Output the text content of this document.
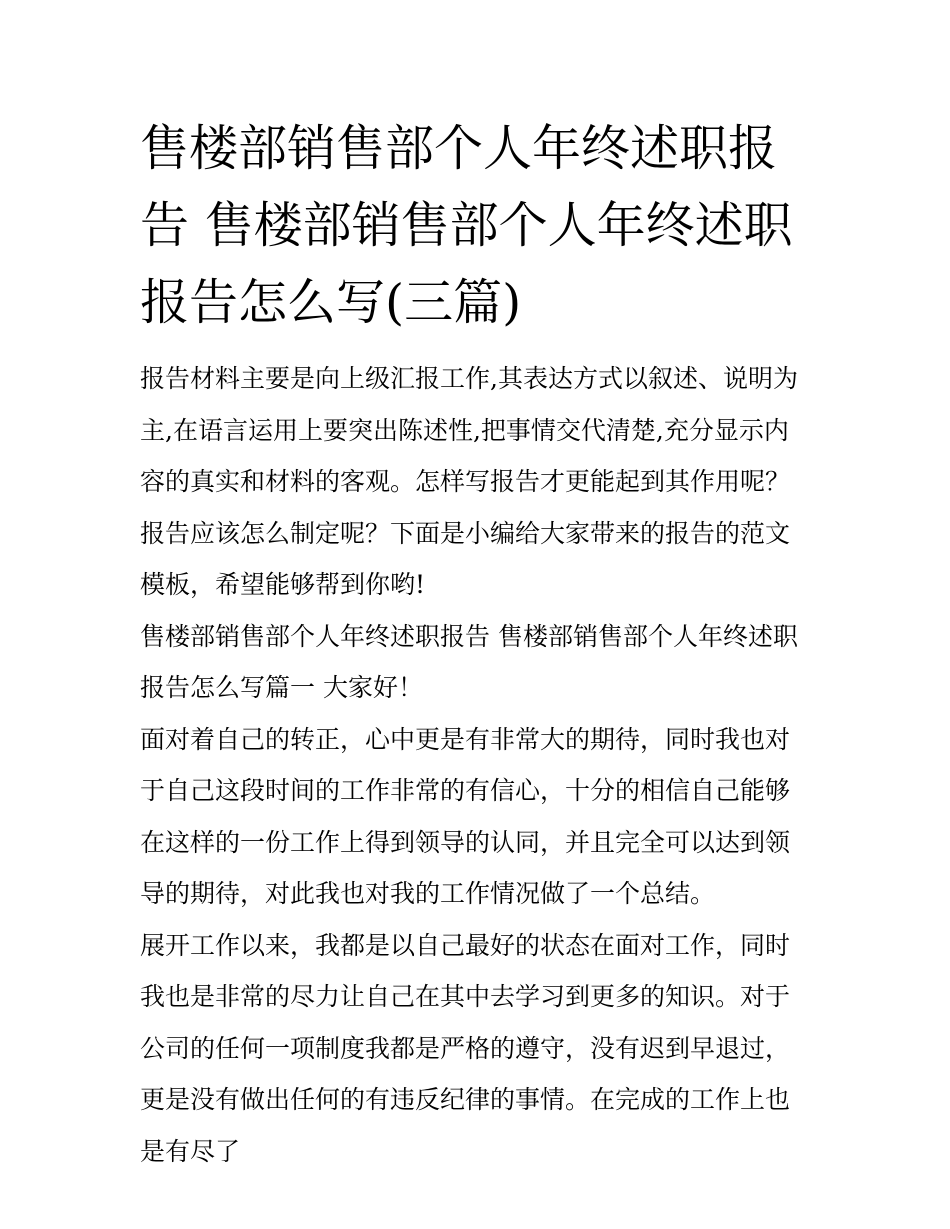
售楼部销售部个人年终述职报告 售楼部销售部个人年终述职报告怎么写(三篇)

报告材料主要是向上级汇报工作,其表达方式以叙述、说明为主,在语言运用上要突出陈述性,把事情交代清楚,充分显示内容的真实和材料的客观。怎样写报告才更能起到其作用呢？报告应该怎么制定呢？下面是小编给大家带来的报告的范文模板，希望能够帮到你哟!

售楼部销售部个人年终述职报告 售楼部销售部个人年终述职报告怎么写篇一 大家好！

面对着自己的转正，心中更是有非常大的期待，同时我也对于自己这段时间的工作非常的有信心，十分的相信自己能够在这样的一份工作上得到领导的认同，并且完全可以达到领导的期待，对此我也对我的工作情况做了一个总结。

展开工作以来，我都是以自己最好的状态在面对工作，同时我也是非常的尽力让自己在其中去学习到更多的知识。对于公司的任何一项制度我都是严格的遵守，没有迟到早退过，更是没有做出任何的有违反纪律的事情。在完成的工作上也是有尽了
